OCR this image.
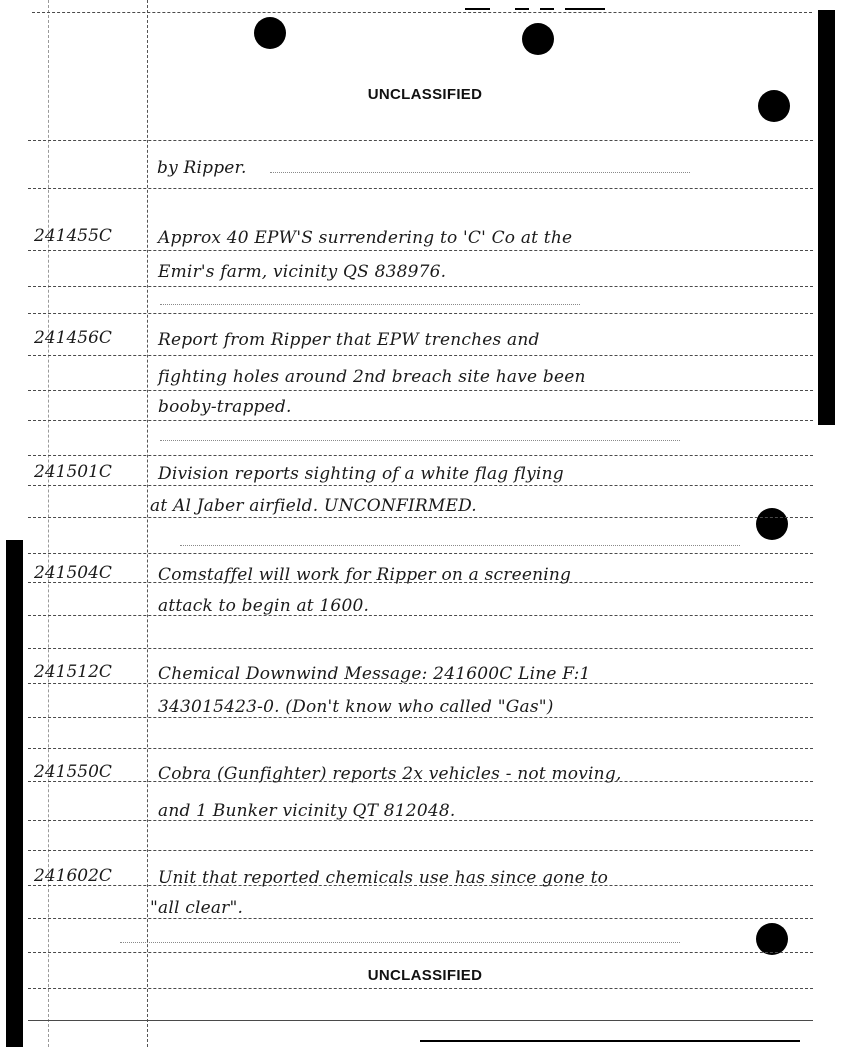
UNCLASSIFIED
UNCLASSIFIED
by Ripper.
241455C	Approx 40 EPW'S surrendering to 'C' Co at the
Emir's farm, vicinity QS 838976.
241456C	Report from Ripper that EPW trenches and
fighting holes around 2nd breach site have been
booby-trapped.
241501C	Division reports sighting of a white flag flying
at Al Jaber airfield. UNCONFIRMED.
241504C	Comstaffel will work for Ripper on a screening
attack to begin at 1600.
241512C	Chemical Downwind Message: 241600C Line F:1
343015423-0. (Don't know who called "Gas")
241550C	Cobra (Gunfighter) reports 2x vehicles - not moving,
and 1 Bunker vicinity QT 812048.
241602C	Unit that reported chemicals use has since gone to
"all clear".
